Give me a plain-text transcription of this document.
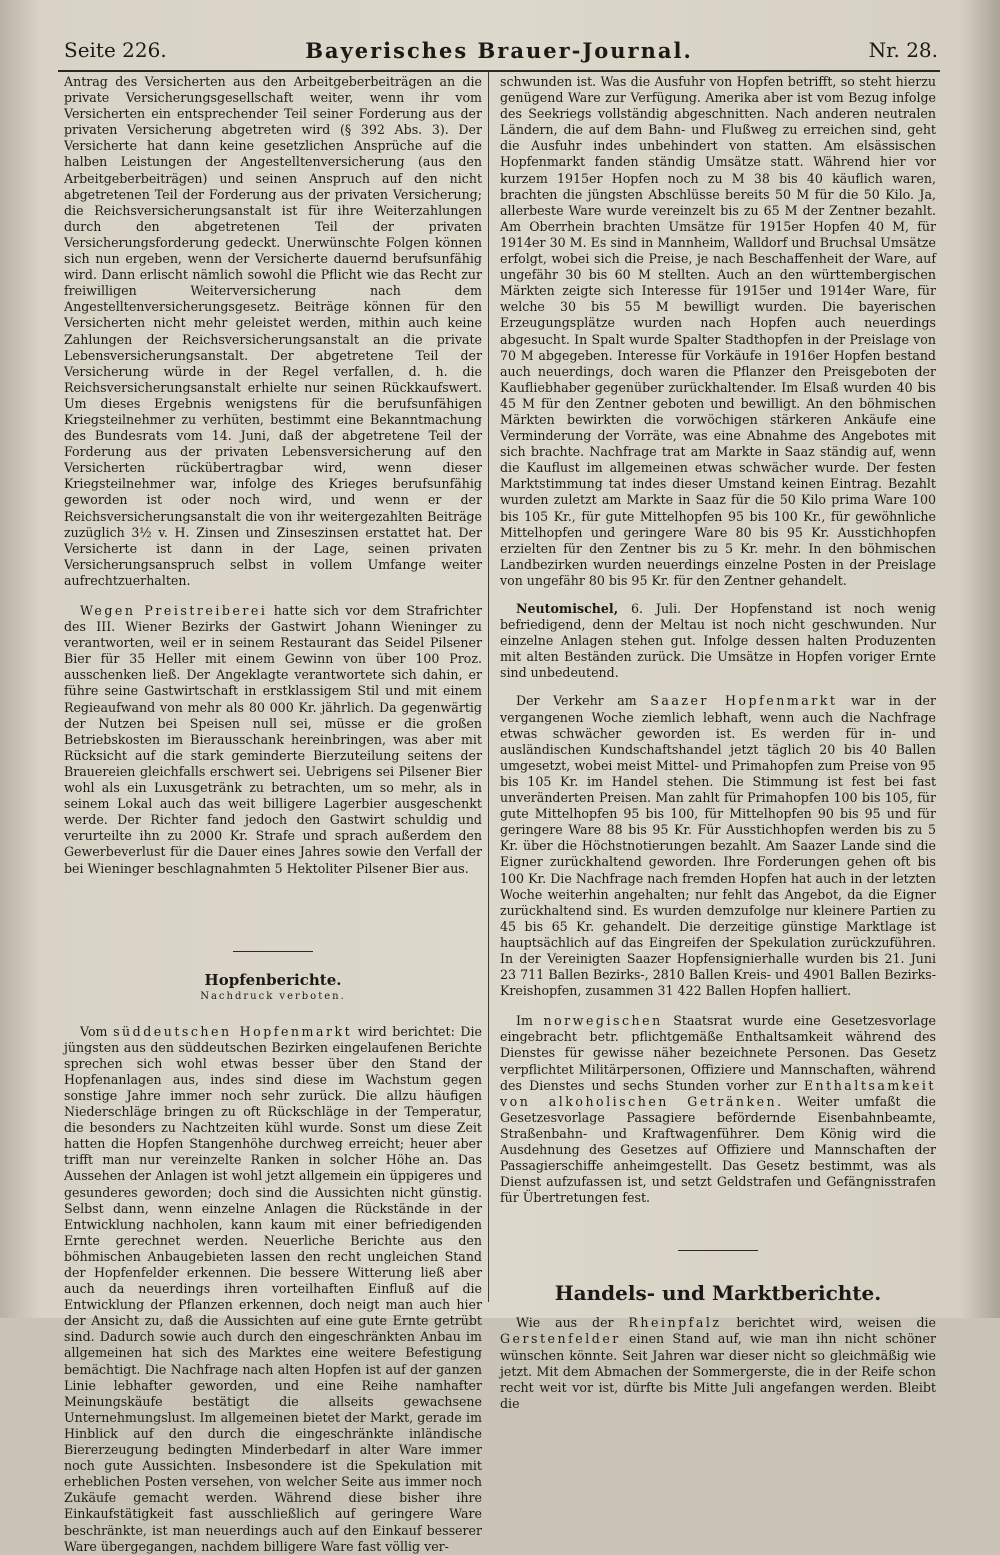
Seite 226.	Bayerisches Brauer-Journal.	Nr. 28.

Antrag des Versicherten aus den Arbeitgeberbeiträgen an die private Versicherungsgesellschaft weiter, wenn ihr vom Versicherten ein entsprechender Teil seiner Forderung aus der privaten Versicherung abgetreten wird (§ 392 Abs. 3). Der Versicherte hat dann keine gesetzlichen Ansprüche auf die halben Leistungen der Angestelltenversicherung (aus den Arbeitgeberbeiträgen) und seinen Anspruch auf den nicht abgetretenen Teil der Forderung aus der privaten Versicherung; die Reichsversicherungsanstalt ist für ihre Weiterzahlungen durch den abgetretenen Teil der privaten Versicherungsforderung gedeckt. Unerwünschte Folgen können sich nun ergeben, wenn der Versicherte dauernd berufsunfähig wird. Dann erlischt nämlich sowohl die Pflicht wie das Recht zur freiwilligen Weiterversicherung nach dem Angestelltenversicherungsgesetz. Beiträge können für den Versicherten nicht mehr geleistet werden, mithin auch keine Zahlungen der Reichsversicherungsanstalt an die private Lebensversicherungsanstalt. Der abgetretene Teil der Versicherung würde in der Regel verfallen, d. h. die Reichsversicherungsanstalt erhielte nur seinen Rückkaufswert. Um dieses Ergebnis wenigstens für die berufsunfähigen Kriegsteilnehmer zu verhüten, bestimmt eine Bekanntmachung des Bundesrats vom 14. Juni, daß der abgetretene Teil der Forderung aus der privaten Lebensversicherung auf den Versicherten rückübertragbar wird, wenn dieser Kriegsteilnehmer war, infolge des Krieges berufsunfähig geworden ist oder noch wird, und wenn er der Reichsversicherungsanstalt die von ihr weitergezahlten Beiträge zuzüglich 3½ v. H. Zinsen und Zinseszinsen erstattet hat. Der Versicherte ist dann in der Lage, seinen privaten Versicherungsanspruch selbst in vollem Umfange weiter aufrechtzuerhalten.

Wegen Preistreiberei hatte sich vor dem Strafrichter des III. Wiener Bezirks der Gastwirt Johann Wieninger zu verantworten, weil er in seinem Restaurant das Seidel Pilsener Bier für 35 Heller mit einem Gewinn von über 100 Proz. ausschenken ließ. Der Angeklagte verantwortete sich dahin, er führe seine Gastwirtschaft in erstklassigem Stil und mit einem Regieaufwand von mehr als 80 000 Kr. jährlich. Da gegenwärtig der Nutzen bei Speisen null sei, müsse er die großen Betriebskosten im Bierausschank hereinbringen, was aber mit Rücksicht auf die stark geminderte Bierzuteilung seitens der Brauereien gleichfalls erschwert sei. Uebrigens sei Pilsener Bier wohl als ein Luxusgetränk zu betrachten, um so mehr, als in seinem Lokal auch das weit billigere Lagerbier ausgeschenkt werde. Der Richter fand jedoch den Gastwirt schuldig und verurteilte ihn zu 2000 Kr. Strafe und sprach außerdem den Gewerbeverlust für die Dauer eines Jahres sowie den Verfall der bei Wieninger beschlagnahmten 5 Hektoliter Pilsener Bier aus.

Hopfenberichte.

Nachdruck verboten.

Vom süddeutschen Hopfenmarkt wird berichtet: Die jüngsten aus den süddeutschen Bezirken eingelaufenen Berichte sprechen sich wohl etwas besser über den Stand der Hopfenanlagen aus, indes sind diese im Wachstum gegen sonstige Jahre immer noch sehr zurück. Die allzu häufigen Niederschläge bringen zu oft Rückschläge in der Temperatur, die besonders zu Nachtzeiten kühl wurde. Sonst um diese Zeit hatten die Hopfen Stangenhöhe durchweg erreicht; heuer aber trifft man nur vereinzelte Ranken in solcher Höhe an. Das Aussehen der Anlagen ist wohl jetzt allgemein ein üppigeres und gesunderes geworden; doch sind die Aussichten nicht günstig. Selbst dann, wenn einzelne Anlagen die Rückstände in der Entwicklung nachholen, kann kaum mit einer befriedigenden Ernte gerechnet werden. Neuerliche Berichte aus den böhmischen Anbaugebieten lassen den recht ungleichen Stand der Hopfenfelder erkennen. Die bessere Witterung ließ aber auch da neuerdings ihren vorteilhaften Einfluß auf die Entwicklung der Pflanzen erkennen, doch neigt man auch hier der Ansicht zu, daß die Aussichten auf eine gute Ernte getrübt sind. Dadurch sowie auch durch den eingeschränkten Anbau im allgemeinen hat sich des Marktes eine weitere Befestigung bemächtigt. Die Nachfrage nach alten Hopfen ist auf der ganzen Linie lebhafter geworden, und eine Reihe namhafter Meinungskäufe bestätigt die allseits gewachsene Unternehmungslust. Im allgemeinen bietet der Markt, gerade im Hinblick auf den durch die eingeschränkte inländische Biererzeugung bedingten Minderbedarf in alter Ware immer noch gute Aussichten. Insbesondere ist die Spekulation mit erheblichen Posten versehen, von welcher Seite aus immer noch Zukäufe gemacht werden. Während diese bisher ihre Einkaufstätigkeit fast ausschließlich auf geringere Ware beschränkte, ist man neuerdings auch auf den Einkauf besserer Ware übergegangen, nachdem billigere Ware fast völlig ver-

schwunden ist. Was die Ausfuhr von Hopfen betrifft, so steht hierzu genügend Ware zur Verfügung. Amerika aber ist vom Bezug infolge des Seekriegs vollständig abgeschnitten. Nach anderen neutralen Ländern, die auf dem Bahn- und Flußweg zu erreichen sind, geht die Ausfuhr indes unbehindert von statten. Am elsässischen Hopfenmarkt fanden ständig Umsätze statt. Während hier vor kurzem 1915er Hopfen noch zu M 38 bis 40 käuflich waren, brachten die jüngsten Abschlüsse bereits 50 M für die 50 Kilo. Ja, allerbeste Ware wurde vereinzelt bis zu 65 M der Zentner bezahlt. Am Oberrhein brachten Umsätze für 1915er Hopfen 40 M, für 1914er 30 M. Es sind in Mannheim, Walldorf und Bruchsal Umsätze erfolgt, wobei sich die Preise, je nach Beschaffenheit der Ware, auf ungefähr 30 bis 60 M stellten. Auch an den württembergischen Märkten zeigte sich Interesse für 1915er und 1914er Ware, für welche 30 bis 55 M bewilligt wurden. Die bayerischen Erzeugungsplätze wurden nach Hopfen auch neuerdings abgesucht. In Spalt wurde Spalter Stadthopfen in der Preislage von 70 M abgegeben. Interesse für Vorkäufe in 1916er Hopfen bestand auch neuerdings, doch waren die Pflanzer den Preisgeboten der Kaufliebhaber gegenüber zurückhaltender. Im Elsaß wurden 40 bis 45 M für den Zentner geboten und bewilligt. An den böhmischen Märkten bewirkten die vorwöchigen stärkeren Ankäufe eine Verminderung der Vorräte, was eine Abnahme des Angebotes mit sich brachte. Nachfrage trat am Markte in Saaz ständig auf, wenn die Kauflust im allgemeinen etwas schwächer wurde. Der festen Marktstimmung tat indes dieser Umstand keinen Eintrag. Bezahlt wurden zuletzt am Markte in Saaz für die 50 Kilo prima Ware 100 bis 105 Kr., für gute Mittelhopfen 95 bis 100 Kr., für gewöhnliche Mittelhopfen und geringere Ware 80 bis 95 Kr. Ausstichhopfen erzielten für den Zentner bis zu 5 Kr. mehr. In den böhmischen Landbezirken wurden neuerdings einzelne Posten in der Preislage von ungefähr 80 bis 95 Kr. für den Zentner gehandelt.

Neutomischel, 6. Juli. Der Hopfenstand ist noch wenig befriedigend, denn der Meltau ist noch nicht geschwunden. Nur einzelne Anlagen stehen gut. Infolge dessen halten Produzenten mit alten Beständen zurück. Die Umsätze in Hopfen voriger Ernte sind unbedeutend.

Der Verkehr am Saazer Hopfenmarkt war in der vergangenen Woche ziemlich lebhaft, wenn auch die Nachfrage etwas schwächer geworden ist. Es werden für in- und ausländischen Kundschaftshandel jetzt täglich 20 bis 40 Ballen umgesetzt, wobei meist Mittel- und Primahopfen zum Preise von 95 bis 105 Kr. im Handel stehen. Die Stimmung ist fest bei fast unveränderten Preisen. Man zahlt für Primahopfen 100 bis 105, für gute Mittelhopfen 95 bis 100, für Mittelhopfen 90 bis 95 und für geringere Ware 88 bis 95 Kr. Für Ausstichhopfen werden bis zu 5 Kr. über die Höchstnotierungen bezahlt. Am Saazer Lande sind die Eigner zurückhaltend geworden. Ihre Forderungen gehen oft bis 100 Kr. Die Nachfrage nach fremden Hopfen hat auch in der letzten Woche weiterhin angehalten; nur fehlt das Angebot, da die Eigner zurückhaltend sind. Es wurden demzufolge nur kleinere Partien zu 45 bis 65 Kr. gehandelt. Die derzeitige günstige Marktlage ist hauptsächlich auf das Eingreifen der Spekulation zurückzuführen. In der Vereinigten Saazer Hopfensignierhalle wurden bis 21. Juni 23 711 Ballen Bezirks-, 2810 Ballen Kreis- und 4901 Ballen Bezirks-Kreishopfen, zusammen 31 422 Ballen Hopfen halliert.

Im norwegischen Staatsrat wurde eine Gesetzesvorlage eingebracht betr. pflichtgemäße Enthaltsamkeit während des Dienstes für gewisse näher bezeichnete Personen. Das Gesetz verpflichtet Militärpersonen, Offiziere und Mannschaften, während des Dienstes und sechs Stunden vorher zur Enthaltsamkeit von alkoholischen Getränken. Weiter umfaßt die Gesetzesvorlage Passagiere befördernde Eisenbahnbeamte, Straßenbahn- und Kraftwagenführer. Dem König wird die Ausdehnung des Gesetzes auf Offiziere und Mannschaften der Passagierschiffe anheimgestellt. Das Gesetz bestimmt, was als Dienst aufzufassen ist, und setzt Geldstrafen und Gefängnisstrafen für Übertretungen fest.

Handels- und Marktberichte.

Wie aus der Rheinpfalz berichtet wird, weisen die Gerstenfelder einen Stand auf, wie man ihn nicht schöner wünschen könnte. Seit Jahren war dieser nicht so gleichmäßig wie jetzt. Mit dem Abmachen der Sommergerste, die in der Reife schon recht weit vor ist, dürfte bis Mitte Juli angefangen werden. Bleibt die
